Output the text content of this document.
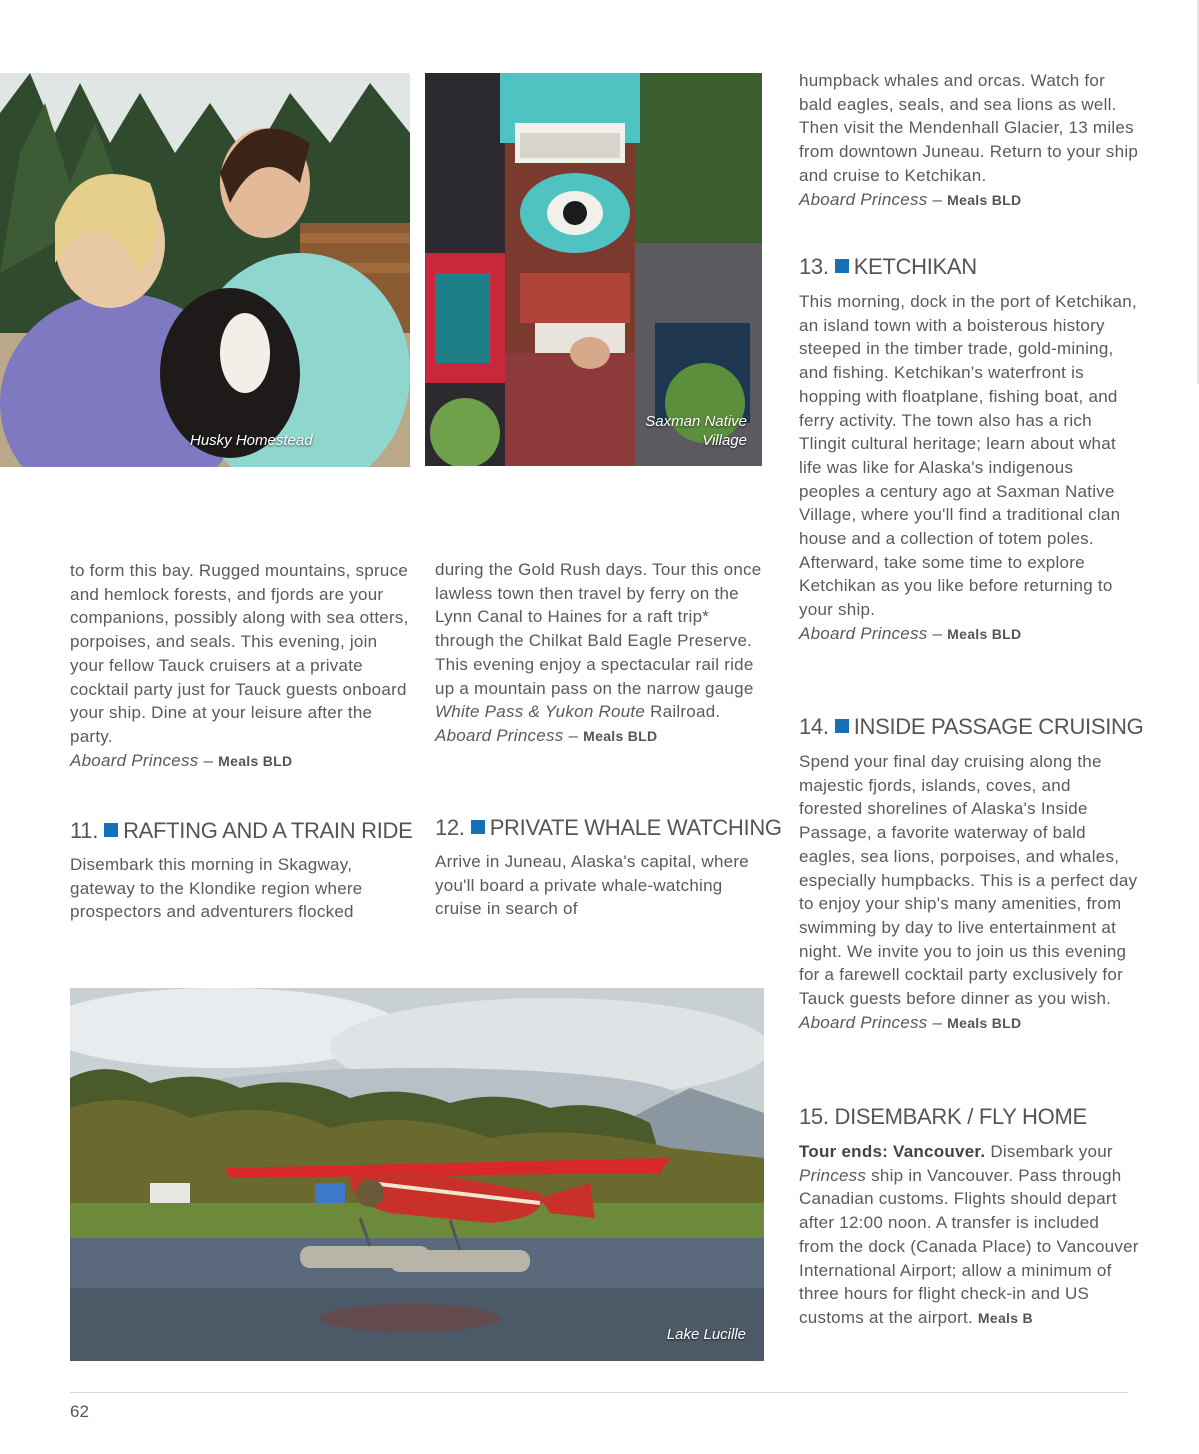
Husky Homestead
Saxman Native Village
Lake Lucille

to form this bay. Rugged mountains, spruce and hemlock forests, and fjords are your companions, possibly along with sea otters, porpoises, and seals. This evening, join your fellow Tauck cruisers at a private cocktail party just for Tauck guests onboard your ship. Dine at your leisure after the party.
Aboard Princess – Meals BLD

11. RAFTING AND A TRAIN RIDE

Disembark this morning in Skagway, gateway to the Klondike region where prospectors and adventurers flocked

during the Gold Rush days. Tour this once lawless town then travel by ferry on the Lynn Canal to Haines for a raft trip* through the Chilkat Bald Eagle Preserve. This evening enjoy a spectacular rail ride up a mountain pass on the narrow gauge White Pass & Yukon Route Railroad.
Aboard Princess – Meals BLD

12. PRIVATE WHALE WATCHING

Arrive in Juneau, Alaska's capital, where you'll board a private whale-watching cruise in search of

humpback whales and orcas. Watch for bald eagles, seals, and sea lions as well. Then visit the Mendenhall Glacier, 13 miles from downtown Juneau. Return to your ship and cruise to Ketchikan.
Aboard Princess – Meals BLD

13. KETCHIKAN

This morning, dock in the port of Ketchikan, an island town with a boisterous history steeped in the timber trade, gold-mining, and fishing. Ketchikan's waterfront is hopping with floatplane, fishing boat, and ferry activity. The town also has a rich Tlingit cultural heritage; learn about what life was like for Alaska's indigenous peoples a century ago at Saxman Native Village, where you'll find a traditional clan house and a collection of totem poles. Afterward, take some time to explore Ketchikan as you like before returning to your ship.
Aboard Princess – Meals BLD

14. INSIDE PASSAGE CRUISING

Spend your final day cruising along the majestic fjords, islands, coves, and forested shorelines of Alaska's Inside Passage, a favorite waterway of bald eagles, sea lions, porpoises, and whales, especially humpbacks. This is a perfect day to enjoy your ship's many amenities, from swimming by day to live entertainment at night. We invite you to join us this evening for a farewell cocktail party exclusively for Tauck guests before dinner as you wish.
Aboard Princess – Meals BLD

15. DISEMBARK / FLY HOME

Tour ends: Vancouver. Disembark your Princess ship in Vancouver. Pass through Canadian customs. Flights should depart after 12:00 noon. A transfer is included from the dock (Canada Place) to Vancouver International Airport; allow a minimum of three hours for flight check-in and US customs at the airport. Meals B

62
